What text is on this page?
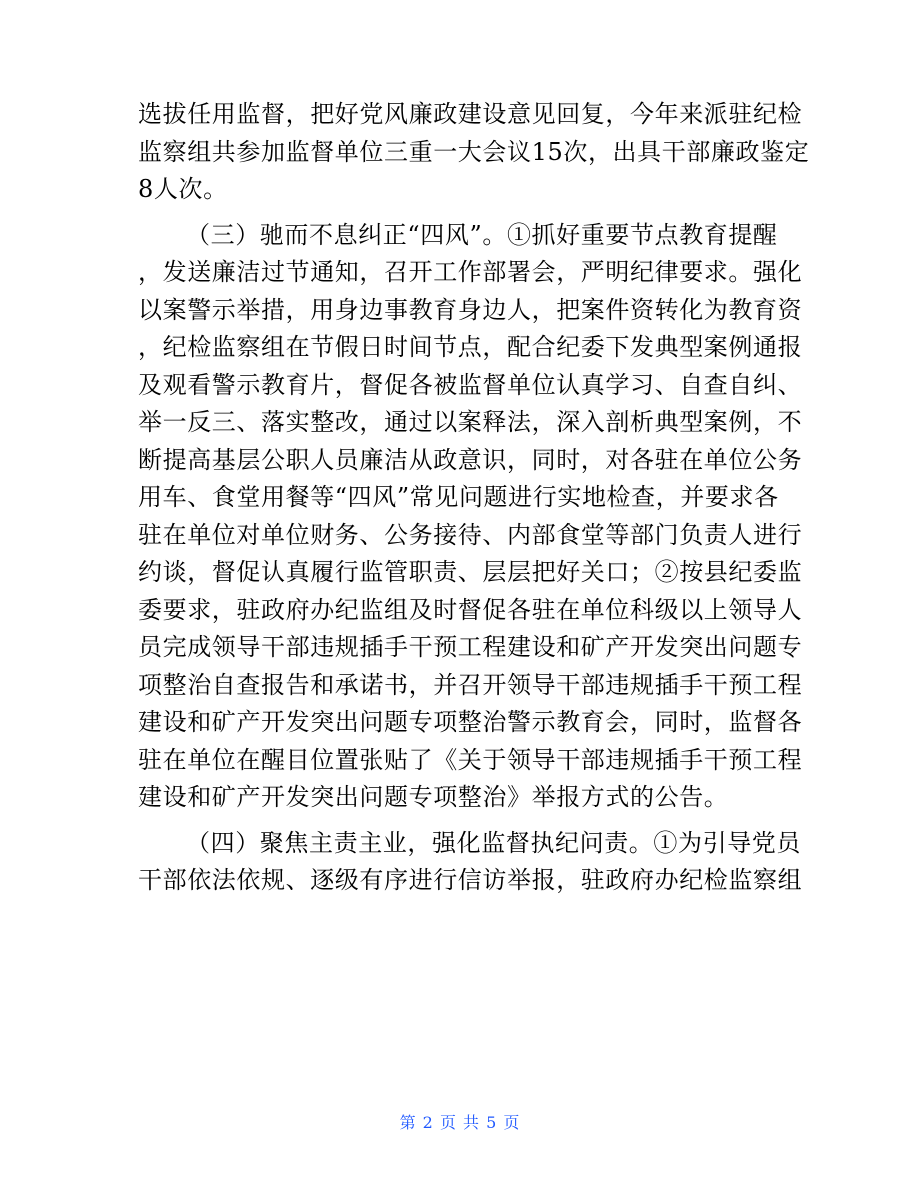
选拔任用监督，把好党风廉政建设意见回复，今年来派驻纪检
监察组共参加监督单位三重一大会议15次，出具干部廉政鉴定
8人次。

（三）驰而不息纠正“四风”。①抓好重要节点教育提醒
，发送廉洁过节通知，召开工作部署会，严明纪律要求。强化
以案警示举措，用身边事教育身边人，把案件资转化为教育资
，纪检监察组在节假日时间节点，配合纪委下发典型案例通报
及观看警示教育片，督促各被监督单位认真学习、自查自纠、
举一反三、落实整改，通过以案释法，深入剖析典型案例，不
断提高基层公职人员廉洁从政意识，同时，对各驻在单位公务
用车、食堂用餐等“四风”常见问题进行实地检查，并要求各
驻在单位对单位财务、公务接待、内部食堂等部门负责人进行
约谈，督促认真履行监管职责、层层把好关口；②按县纪委监
委要求，驻政府办纪监组及时督促各驻在单位科级以上领导人
员完成领导干部违规插手干预工程建设和矿产开发突出问题专
项整治自查报告和承诺书，并召开领导干部违规插手干预工程
建设和矿产开发突出问题专项整治警示教育会，同时，监督各
驻在单位在醒目位置张贴了《关于领导干部违规插手干预工程
建设和矿产开发突出问题专项整治》举报方式的公告。

（四）聚焦主责主业，强化监督执纪问责。①为引导党员
干部依法依规、逐级有序进行信访举报，驻政府办纪检监察组

第 2 页 共 5 页
